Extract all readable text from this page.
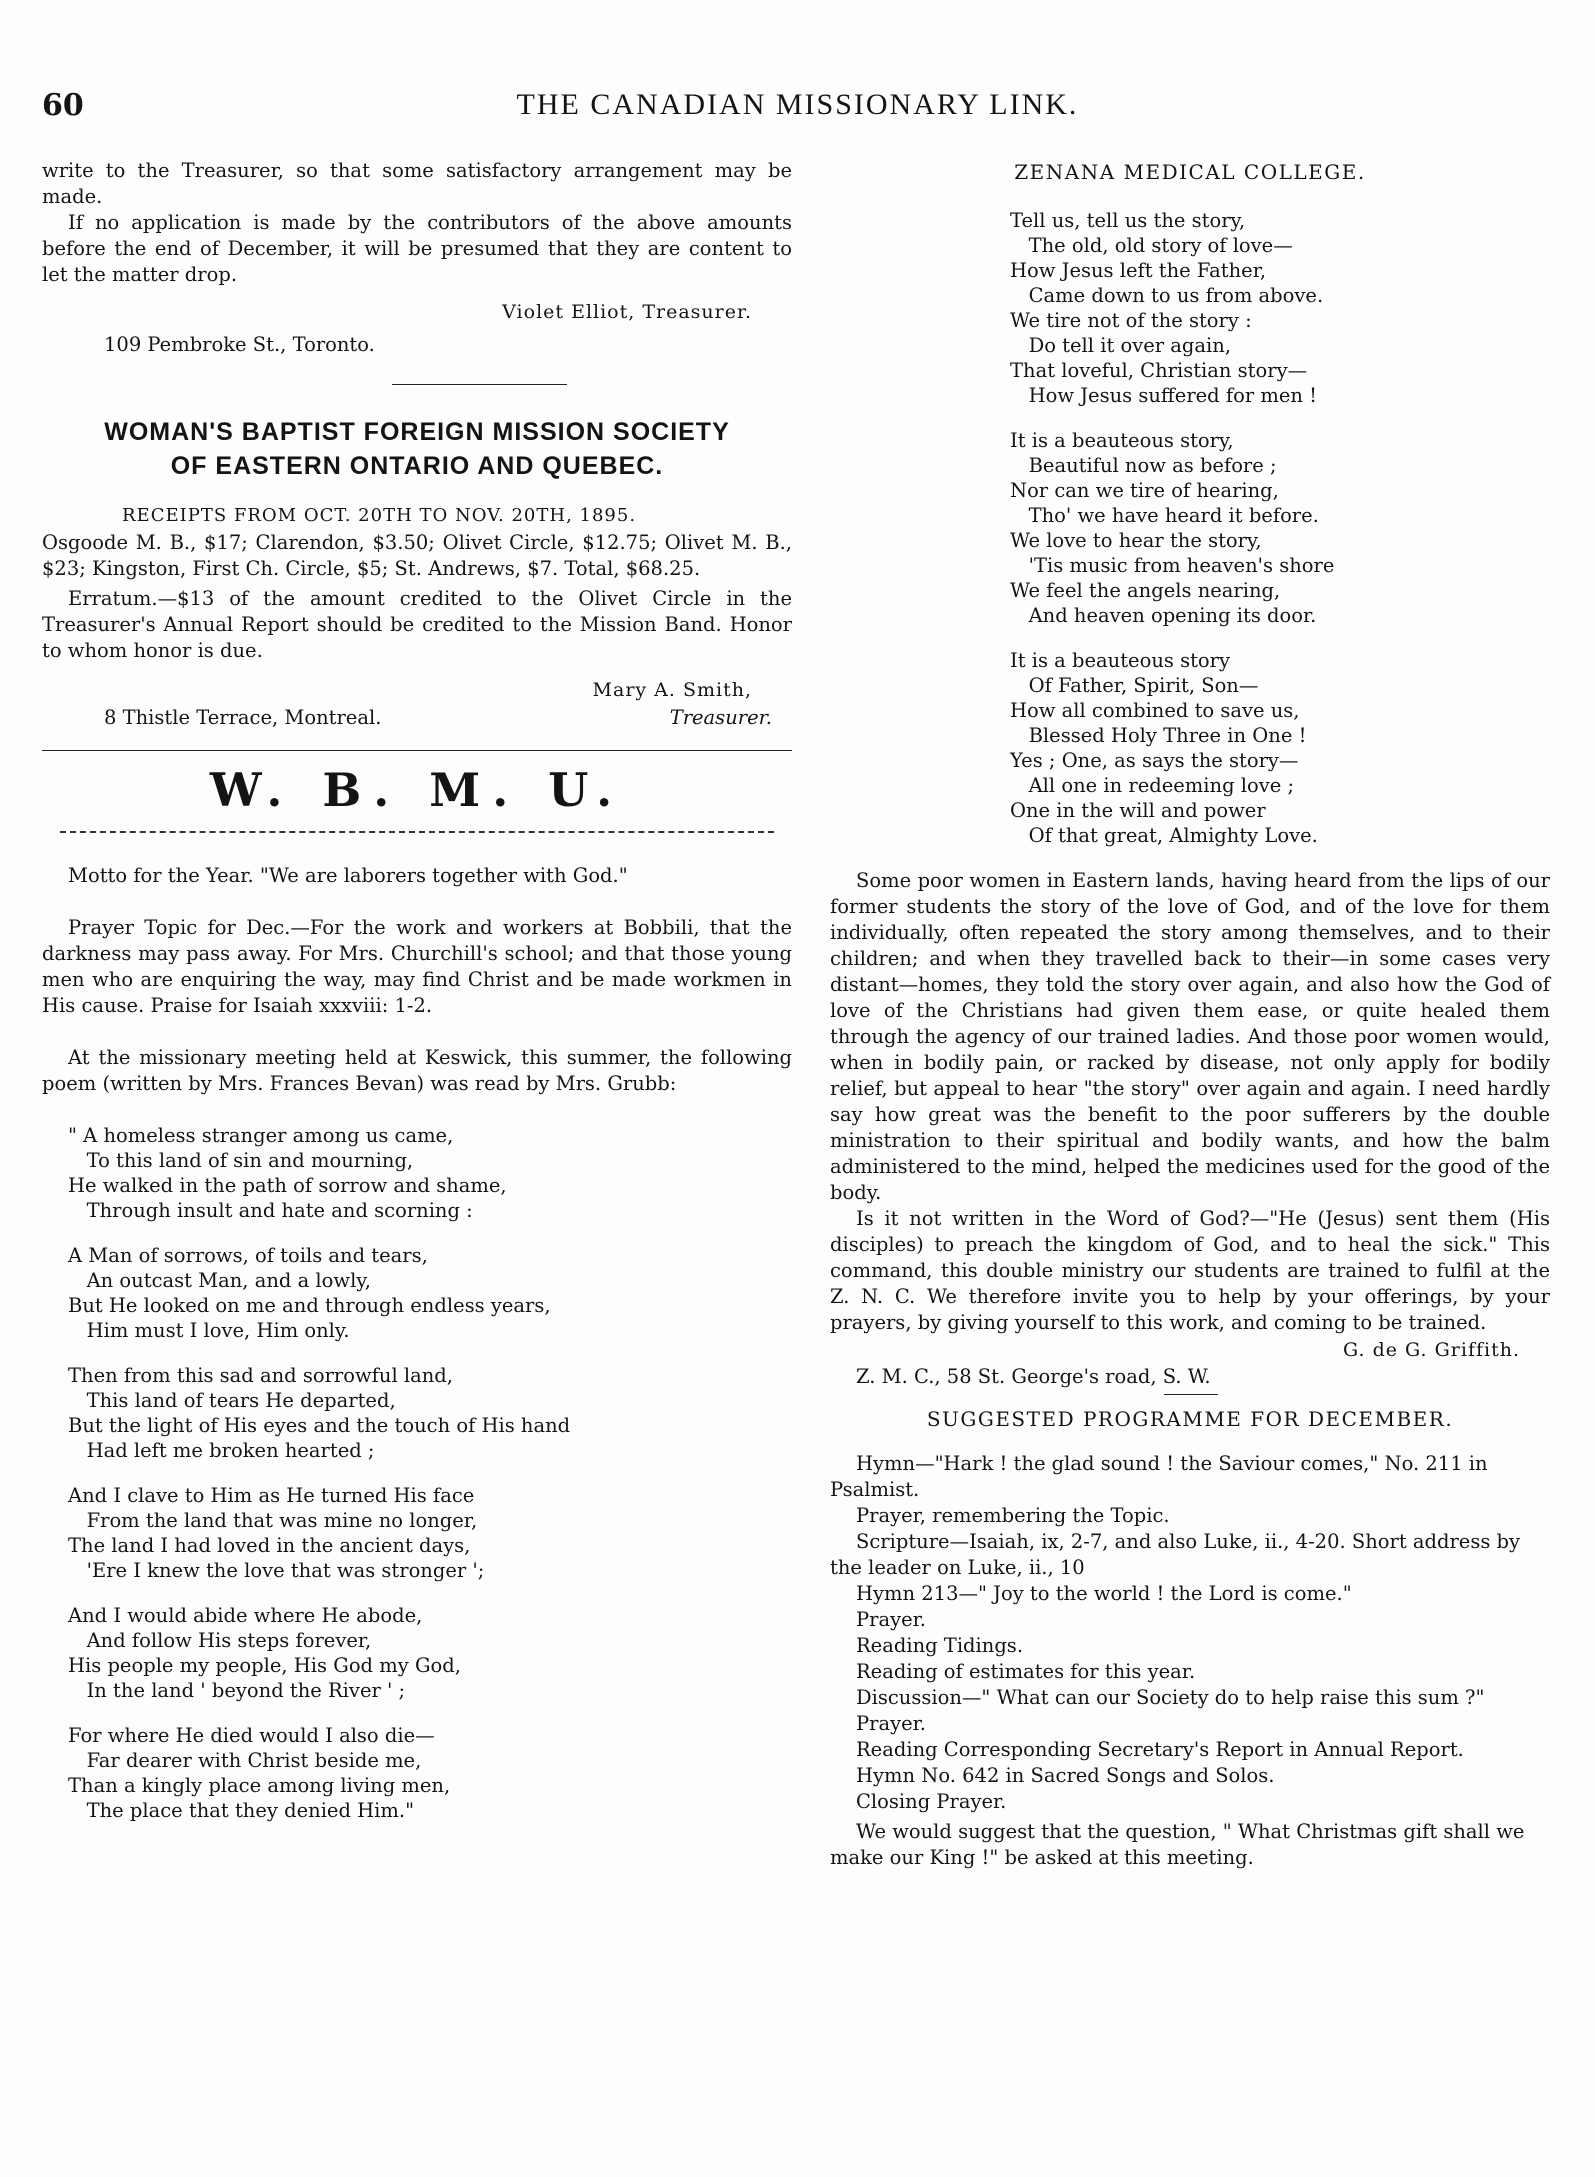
60	THE CANADIAN MISSIONARY LINK.

write to the Treasurer, so that some satisfactory arrangement may be made.

If no application is made by the contributors of the above amounts before the end of December, it will be presumed that they are content to let the matter drop.

Violet Elliot, Treasurer.
109 Pembroke St., Toronto.
WOMAN'S BAPTIST FOREIGN MISSION SOCIETY
OF EASTERN ONTARIO AND QUEBEC.
RECEIPTS FROM OCT. 20TH TO NOV. 20TH, 1895.

Osgoode M. B., $17; Clarendon, $3.50; Olivet Circle, $12.75; Olivet M. B., $23; Kingston, First Ch. Circle, $5; St. Andrews, $7. Total, $68.25.

Erratum.—$13 of the amount credited to the Olivet Circle in the Treasurer's Annual Report should be credited to the Mission Band. Honor to whom honor is due.

Mary A. Smith,
8 Thistle Terrace, Montreal.	Treasurer.
W. B. M. U.

Motto for the Year. "We are laborers together with God."

Prayer Topic for Dec.—For the work and workers at Bobbili, that the darkness may pass away. For Mrs. Churchill's school; and that those young men who are enquiring the way, may find Christ and be made workmen in His cause. Praise for Isaiah xxxviii: 1-2.

At the missionary meeting held at Keswick, this summer, the following poem (written by Mrs. Frances Bevan) was read by Mrs. Grubb:

" A homeless stranger among us came,
To this land of sin and mourning,
He walked in the path of sorrow and shame,
Through insult and hate and scorning :
A Man of sorrows, of toils and tears,
An outcast Man, and a lowly,
But He looked on me and through endless years,
Him must I love, Him only.
Then from this sad and sorrowful land,
This land of tears He departed,
But the light of His eyes and the touch of His hand
Had left me broken hearted ;
And I clave to Him as He turned His face
From the land that was mine no longer,
The land I had loved in the ancient days,
'Ere I knew the love that was stronger ';
And I would abide where He abode,
And follow His steps forever,
His people my people, His God my God,
In the land ' beyond the River ' ;
For where He died would I also die—
Far dearer with Christ beside me,
Than a kingly place among living men,
The place that they denied Him."
ZENANA MEDICAL COLLEGE.
Tell us, tell us the story,
The old, old story of love—
How Jesus left the Father,
Came down to us from above.
We tire not of the story :
Do tell it over again,
That loveful, Christian story—
How Jesus suffered for men !
It is a beauteous story,
Beautiful now as before ;
Nor can we tire of hearing,
Tho' we have heard it before.
We love to hear the story,
'Tis music from heaven's shore
We feel the angels nearing,
And heaven opening its door.
It is a beauteous story
Of Father, Spirit, Son—
How all combined to save us,
Blessed Holy Three in One !
Yes ; One, as says the story—
All one in redeeming love ;
One in the will and power
Of that great, Almighty Love.

Some poor women in Eastern lands, having heard from the lips of our former students the story of the love of God, and of the love for them individually, often repeated the story among themselves, and to their children; and when they travelled back to their—in some cases very distant—homes, they told the story over again, and also how the God of love of the Christians had given them ease, or quite healed them through the agency of our trained ladies. And those poor women would, when in bodily pain, or racked by disease, not only apply for bodily relief, but appeal to hear "the story" over again and again. I need hardly say how great was the benefit to the poor sufferers by the double ministration to their spiritual and bodily wants, and how the balm administered to the mind, helped the medicines used for the good of the body.

Is it not written in the Word of God?—"He (Jesus) sent them (His disciples) to preach the kingdom of God, and to heal the sick." This command, this double ministry our students are trained to fulfil at the Z. N. C. We therefore invite you to help by your offerings, by your prayers, by giving yourself to this work, and coming to be trained.

G. de G. Griffith.
Z. M. C., 58 St. George's road, S. W.
SUGGESTED PROGRAMME FOR DECEMBER.

Hymn—"Hark ! the glad sound ! the Saviour comes," No. 211 in Psalmist.

Prayer, remembering the Topic.

Scripture—Isaiah, ix, 2-7, and also Luke, ii., 4-20. Short address by the leader on Luke, ii., 10

Hymn 213—" Joy to the world ! the Lord is come."

Prayer.

Reading Tidings.

Reading of estimates for this year.

Discussion—" What can our Society do to help raise this sum ?"

Prayer.

Reading Corresponding Secretary's Report in Annual Report.

Hymn No. 642 in Sacred Songs and Solos.

Closing Prayer.

We would suggest that the question, " What Christmas gift shall we make our King !" be asked at this meeting.
